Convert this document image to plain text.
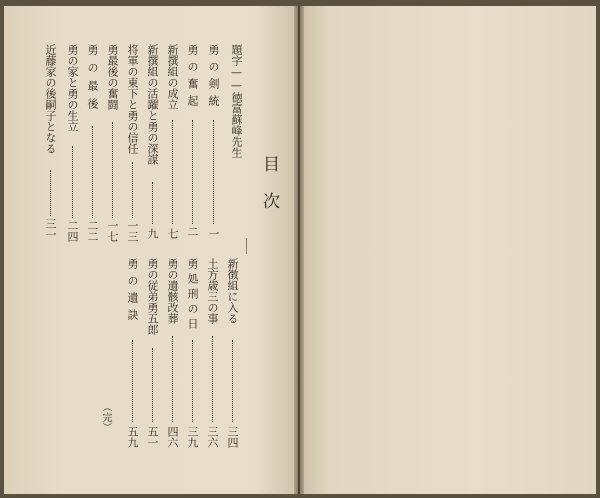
目次
題字——徳富蘇峰先生
勇の剣統
一
勇の奮起
二
新撰組の成立
七
新撰組の活躍と勇の深謀
九
将軍の東下と勇の信任
一三
勇最後の奮闘
一七
勇の最後
二二
勇の家と勇の生立
二四
近藤家の後嗣子となる
三一
新徴組に入る
三四
土方歳三の事
三六
勇処刑の日
三九
勇の遺骸改葬
四六
勇の従弟勇五郎
五一
勇の遺訣
五九
（完）
